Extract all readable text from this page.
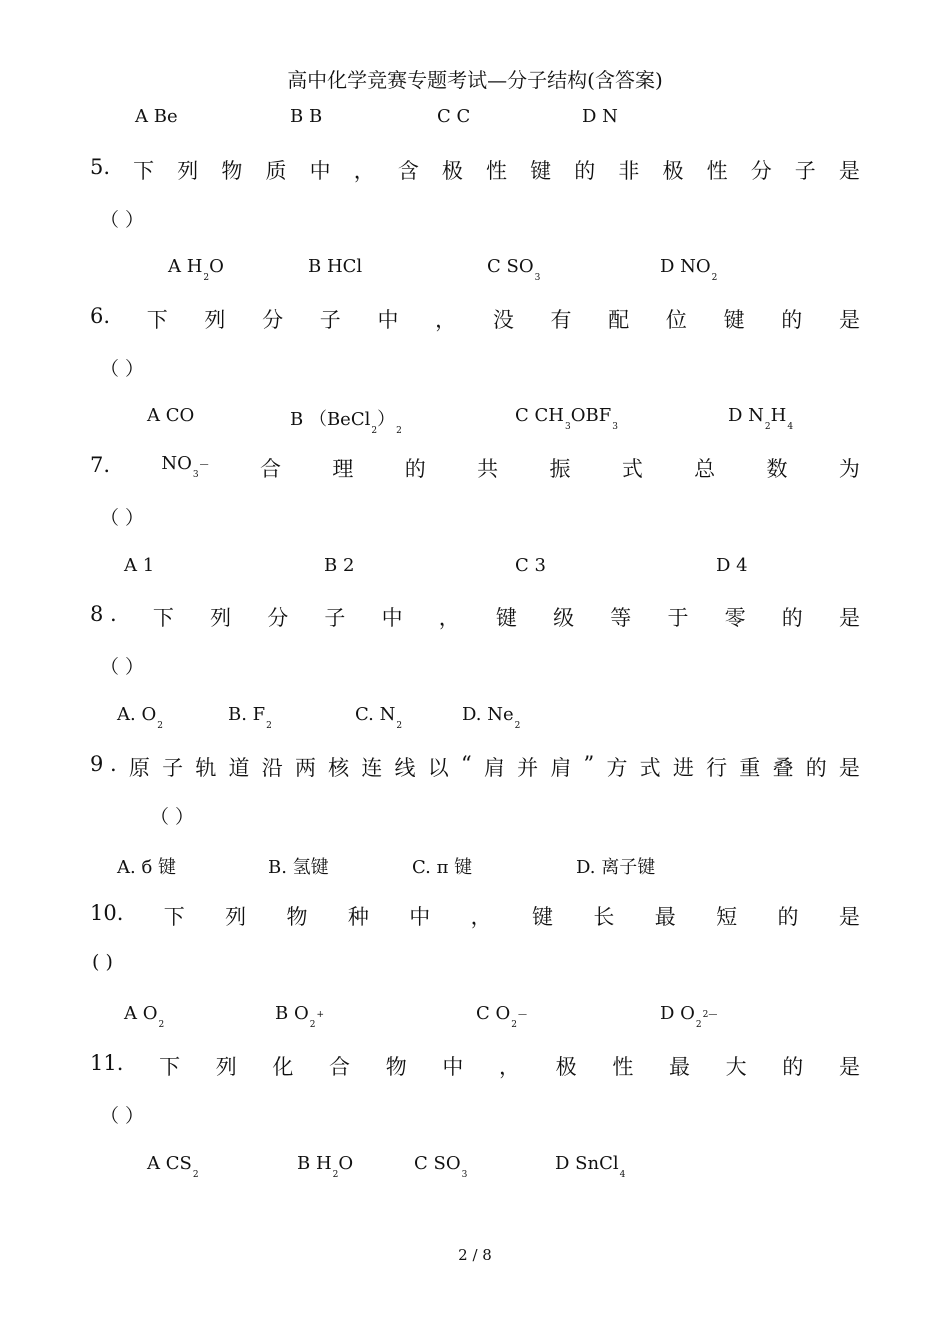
高中化学竞赛专题考试—分子结构(含答案)
A Be	B B	C C	D N
5. 下 列 物 质 中 ， 含 极 性 键 的 非 极 性 分 子 是
（ ）
A $H_2O$	B HCl	C $SO_3$
D $NO_2$
6. 下 列 分 子 中 ， 没 有 配 位 键 的 是
（ ）
A CO	B $(BeCl_2)_2$
C $CH_3OBF_3$
D $N_2H_4$
7.	NO3— 合 理 的 共 振 式 总 数 为
（ ）
A 1	B 2	C 3	D 4
8 . 下 列 分 子 中 ， 键 级 等 于 零 的 是
（ ）
A. $O_2$
B. $F_2$
C. $N_2$
D. $Ne_2$
9 . 原 子 轨 道 沿 两 核 连 线 以 “ 肩 并 肩 ” 方 式 进 行 重 叠 的 是
（ ）
A. б 键	B. 氢键	C. π 键	D. 离子键
10. 下 列 物 种 中 ， 键 长 最 短 的 是
( )
A $O_2$
B $O_2+$	C $O_2—$	D $O_22—$
11. 下 列 化 合 物 中 ， 极 性 最 大 的 是
（ ）
A $CS_2$
B $H_2O$	C $SO_3$
D SnCl$_4$
2 / 8
